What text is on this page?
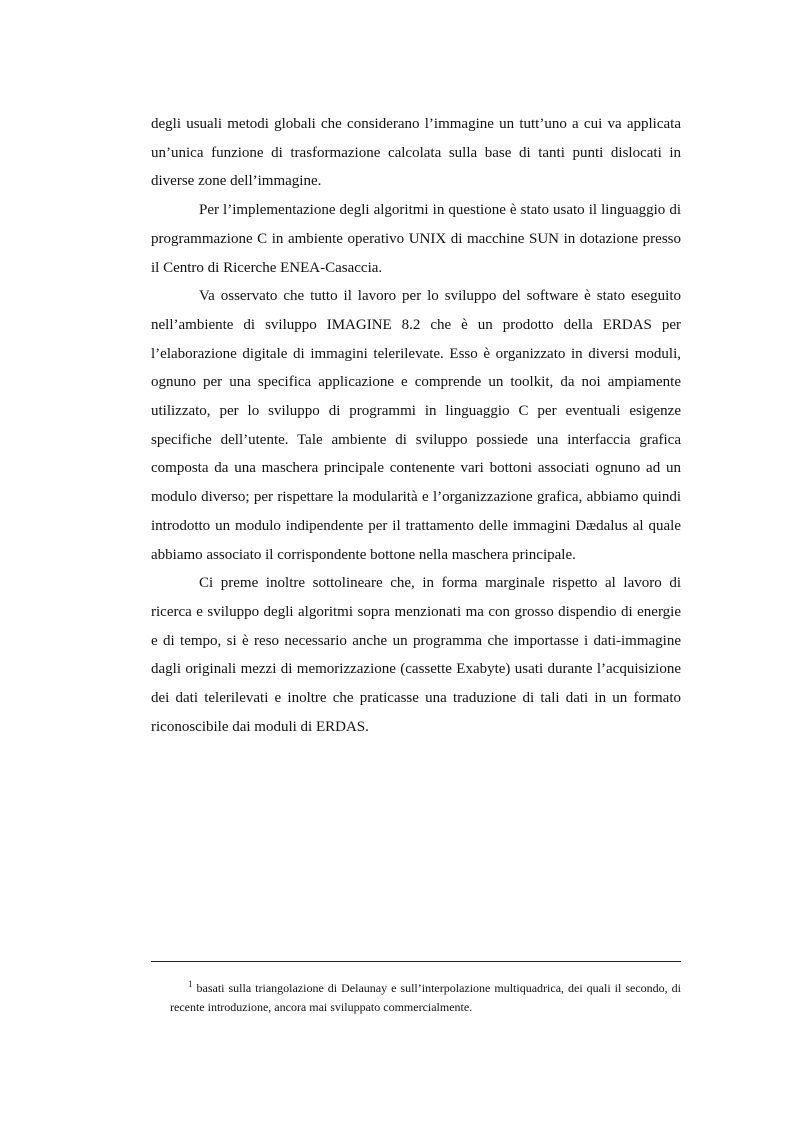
degli usuali metodi globali che considerano l’immagine un tutt’uno a cui va applicata un’unica funzione di trasformazione calcolata sulla base di tanti punti dislocati in diverse zone dell’immagine.

Per l’implementazione degli algoritmi in questione è stato usato il linguaggio di programmazione C in ambiente operativo UNIX di macchine SUN in dotazione presso il Centro di Ricerche ENEA-Casaccia.

Va osservato che tutto il lavoro per lo sviluppo del software è stato eseguito nell’ambiente di sviluppo IMAGINE 8.2 che è un prodotto della ERDAS per l’elaborazione digitale di immagini telerilevate. Esso è organizzato in diversi moduli, ognuno per una specifica applicazione e comprende un toolkit, da noi ampiamente utilizzato, per lo sviluppo di programmi in linguaggio C per eventuali esigenze specifiche dell’utente. Tale ambiente di sviluppo possiede una interfaccia grafica composta da una maschera principale contenente vari bottoni associati ognuno ad un modulo diverso; per rispettare la modularità e l’organizzazione grafica, abbiamo quindi introdotto un modulo indipendente per il trattamento delle immagini Dædalus al quale abbiamo associato il corrispondente bottone nella maschera principale.

Ci preme inoltre sottolineare che, in forma marginale rispetto al lavoro di ricerca e sviluppo degli algoritmi sopra menzionati ma con grosso dispendio di energie e di tempo, si è reso necessario anche un programma che importasse i dati-immagine dagli originali mezzi di memorizzazione (cassette Exabyte) usati durante l’acquisizione dei dati telerilevati e inoltre che praticasse una traduzione di tali dati in un formato riconoscibile dai moduli di ERDAS.

$^1$ basati sulla triangolazione di Delaunay e sull’interpolazione multiquadrica, dei quali il secondo, di recente introduzione, ancora mai sviluppato commercialmente.
